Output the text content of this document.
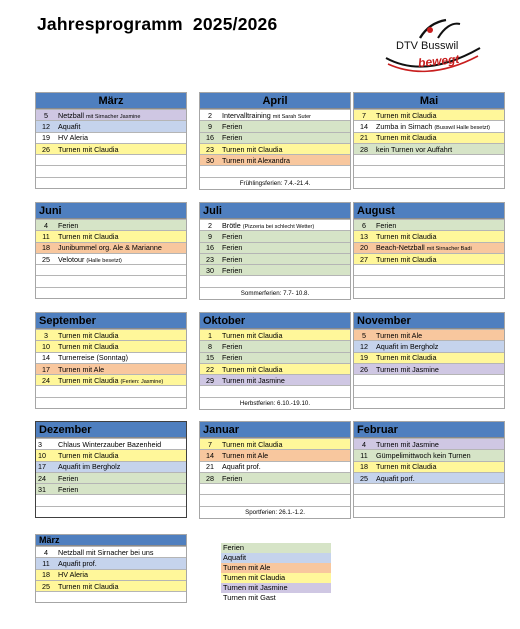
Jahresprogramm  2025/2026
DTV Busswil
bewegt
März
5	Netzball mit Sirnacher Jasmine
12	Aquafit
19	HV Aleria
26	Turnen mit Claudia
April
2	Intervalltraining mit Sarah Suter
9	Ferien
16	Ferien
23	Turnen mit Claudia
30	Turnen mit Alexandra
Frühlingsferien: 7.4.-21.4.
Mai
7	Turnen mit Claudia
14	Zumba in Sirnach (Busswil Halle besetzt)
21	Turnen mit Claudia
28	kein Turnen vor Auffahrt
Juni
4	Ferien
11	Turnen mit Claudia
18	Junibummel org. Ale & Marianne
25	Velotour (Halle besetzt)
Juli
2	Brötle (Pizzeria bei schlecht Wetter)
9	Ferien
16	Ferien
23	Ferien
30	Ferien
Sommerferien: 7.7- 10.8.
August
6	Ferien
13	Turnen mit Claudia
20	Beach-Netzball mit Sirnacher Badi
27	Turnen mit Claudia
September
3	Turnen mit Claudia
10	Turnen mit Claudia
14	Turnerreise (Sonntag)
17	Turnen mit Ale
24	Turnen mit Claudia (Ferien: Jasmine)
Oktober
1	Turnen mit Claudia
8	Ferien
15	Ferien
22	Turnen mit Claudia
29	Turnen mit Jasmine
Herbstferien: 6.10.-19.10.
November
5	Turnen mit Ale
12	Aquafit im Bergholz
19	Turnen mit Claudia
26	Turnen mit Jasmine
Dezember
3	Chlaus Winterzauber Bazenheid
10	Turnen mit Claudia
17	Aquafit im Bergholz
24	Ferien
31	Ferien
Januar
7	Turnen mit Claudia
14	Turnen mit Ale
21	Aquafit prof.
28	Ferien
Sportferien: 26.1.-1.2.
Februar
4	Turnen mit Jasmine
11	Gümpelimittwoch kein Turnen
18	Turnen mit Claudia
25	Aquafit porf.
März
4	Netzball mit Sirnacher bei uns
11	Aquafit prof.
18	HV Aleria
25	Turnen mit Claudia
Ferien
Aquafit
Turnen mit Ale
Turnen mit Claudia
Turnen mit Jasmine
Turnen mit Gast
